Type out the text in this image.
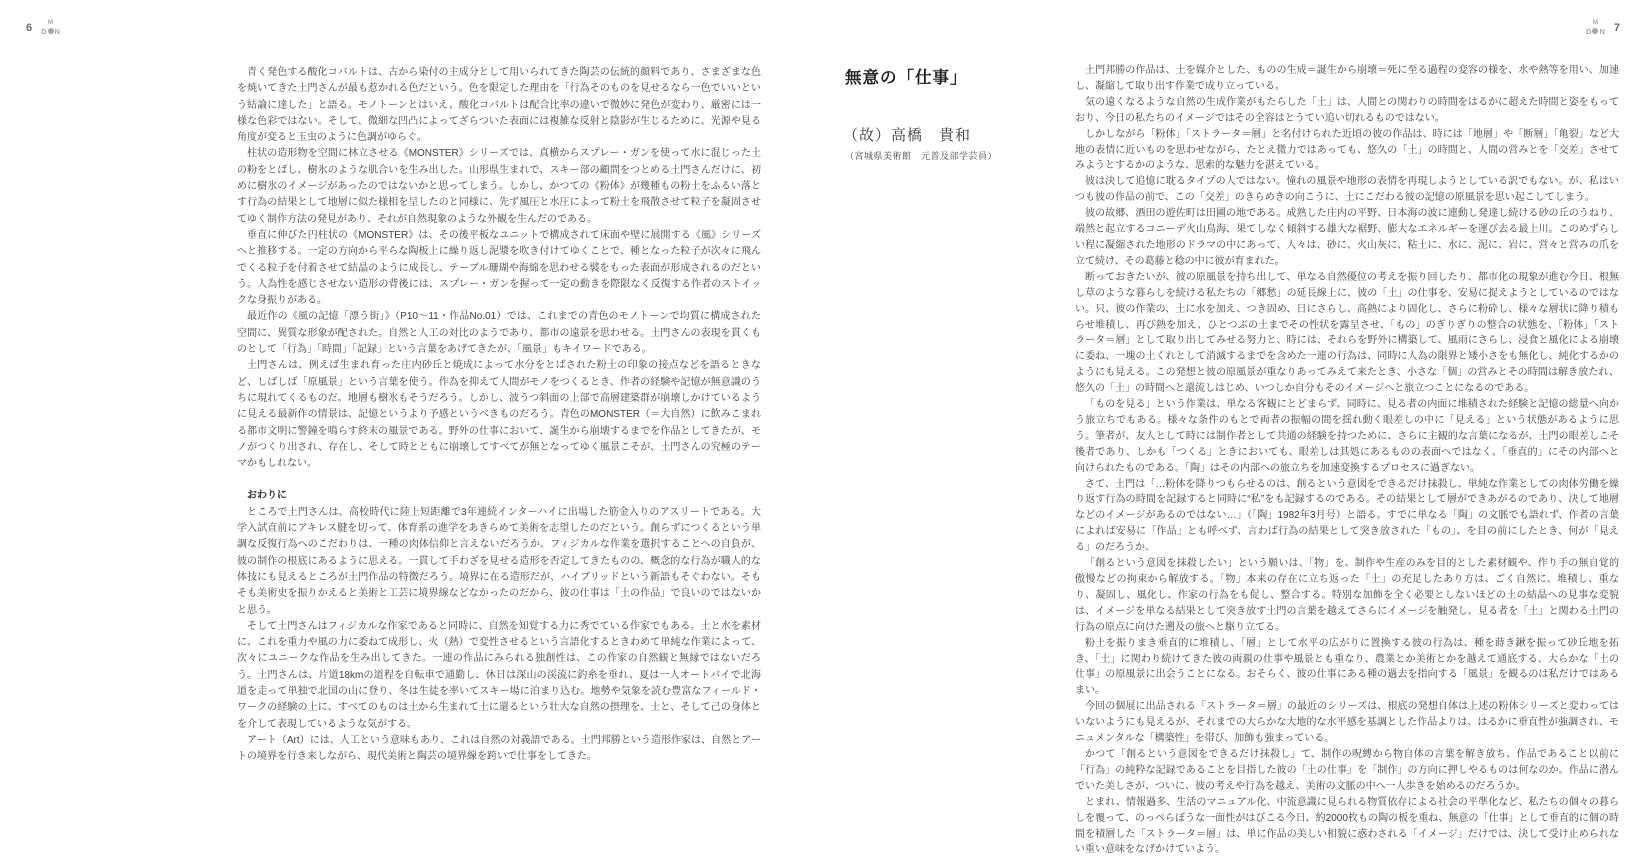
6 M
D N
M
D N 7

青く発色する酸化コバルトは、古から染付の主成分として用いられてきた陶芸の伝統的顔料であり、さまざまな色を焼いてきた土門さんが最も惹かれる色だという。色を限定した理由を「行為そのものを見せるなら一色でいいという結論に達した」と語る。モノトーンとはいえ、酸化コバルトは配合比率の違いで微妙に発色が変わり、厳密には一様な色彩ではない。そして、微細な凹凸によってざらついた表面には複雑な反射と陰影が生じるために、光源や見る角度が変ると玉虫のように色調がゆらぐ。

柱状の造形物を空間に林立させる《MONSTER》シリーズでは、真横からスプレー・ガンを使って水に混じった土の粉をとばし、樹氷のような肌合いを生み出した。山形県生まれで、スキー部の顧問をつとめる土門さんだけに、初めに樹氷のイメージがあったのではないかと思ってしまう。しかし、かつての《粉体》が幾種もの粉土をふるい落とす行為の結果として地層に似た様相を呈したのと同様に、先ず風圧と水圧によって粉土を飛散させて粒子を凝固させてゆく制作方法の発見があり、それが自然現象のような外観を生んだのである。

垂直に伸びた円柱状の《MONSTER》は、その後平板なユニットで構成されて床面や壁に展開する《風》シリーズへと推移する。一定の方向から平らな陶板上に繰り返し泥漿を吹き付けてゆくことで、種となった粒子が次々に飛んでくる粒子を付着させて結晶のように成長し、テーブル珊瑚や海綿を思わせる襞をもった表面が形成されるのだという。人為性を感じさせない造形の背後には、スプレー・ガンを握って一定の動きを際限なく反復する作者のストイックな身振りがある。

最近作の《風の記憶「漂う街」》（P10〜11・作品No.01）では、これまでの青色のモノトーンで均質に構成された空間に、異質な形象が配された。自然と人工の対比のようであり、都市の遠景を思わせる。土門さんの表現を貫くものとして「行為」「時間」「記録」という言葉をあげてきたが、「風景」もキイワードである。

土門さんは、例えば生まれ育った庄内砂丘と焼成によって水分をとばされた粉土の印象の接点などを語るときなど、しばしば「原風景」という言葉を使う。作為を抑えて人間がモノをつくるとき、作者の経験や記憶が無意識のうちに現れてくるものだ。地層も樹氷もそうだろう。しかし、波うつ斜面の上部で高層建築群が崩壊しかけているように見える最新作の情景は、記憶というより予感というべきものだろう。青色のMONSTER（＝大自然）に飲みこまれる都市文明に警鐘を鳴らす終末の風景である。野外の仕事において、誕生から崩壊するまでを作品としてきたが、モノがつくり出され、存在し、そして時とともに崩壊してすべてが無となってゆく風景こそが、土門さんの究極のテーマかもしれない。

おわりに

ところで土門さんは、高校時代に陸上短距離で3年連続インターハイに出場した筋金入りのアスリートである。大学入試直前にアキレス腱を切って、体育系の進学をあきらめて美術を志望したのだという。創らずにつくるという単調な反復行為へのこだわりは、一種の肉体信仰と言えないだろうか。フィジカルな作業を選択することへの自負が、彼の制作の根底にあるように思える。一貫して手わざを見せる造形を否定してきたものの、概念的な行為が職人的な体技にも見えるところが土門作品の特徴だろう。境界に在る造形だが、ハイブリッドという新語もそぐわない。そもそも美術史を振りかえると美術と工芸に境界線などなかったのだから、彼の仕事は「土の作品」で良いのではないかと思う。

そして土門さんはフィジカルな作家であると同時に、自然を知覚する力に秀でている作家でもある。土と水を素材に、これを重力や風の力に委ねて成形し、火（熱）で変性させるという言語化するときわめて単純な作業によって、次々にユニークな作品を生み出してきた。一連の作品にみられる独創性は、この作家の自然観と無縁ではないだろう。土門さんは、片道18kmの道程を自転車で通勤し、休日は深山の渓流に釣糸を垂れ、夏は一人オートバイで北海道を走って単独で北国の山に登り、冬は生徒を率いてスキー場に泊まり込む。地勢や気象を読む豊富なフィールド・ワークの経験の上に、すべてのものは土から生まれて土に還るという壮大な自然の摂理を、土と、そして己の身体とを介して表現しているような気がする。

アート（Art）には、人工という意味もあり、これは自然の対義語である。土門邦勝という造形作家は、自然とアートの境界を行き来しながら、現代美術と陶芸の境界線を跨いで仕事をしてきた。

無意の「仕事」
（故）高橋　貴和
（宮城県美術館　元普及部学芸員）

土門邦勝の作品は、土を媒介とした、ものの生成＝誕生から崩壊＝死に至る過程の変容の様を、水や熱等を用い、加速し、凝縮して取り出す作業で成り立っている。

気の遠くなるような自然の生成作業がもたらした「土」は、人間との関わりの時間をはるかに超えた時間と姿をもっており、今日の私たちのイメージではその全容はとうてい追い切れるものではない。

しかしながら「粉体」「ストラータ＝層」と名付けられた近頃の彼の作品は、時には「地層」や「断層」「亀裂」など大地の表情に近いものを思わせながら、たとえ微力ではあっても、悠久の「土」の時間と、人間の営みとを「交差」させてみようとするかのような、思索的な魅力を湛えている。

彼は決して追憶に耽るタイプの人ではない。憧れの風景や地形の表情を再現しようとしている訳でもない。が、私はいつも彼の作品の前で、この「交差」のきらめきの向こうに、土にこだわる彼の記憶の原風景を思い起こしてしまう。

彼の故郷、酒田の遊佐町は田圃の地である。成熟した庄内の平野、日本海の波に連動し発達し続ける砂の丘のうねり、端然と起立するコニーデ火山鳥海、果てしなく傾斜する雄大な裾野、膨大なエネルギーを運び去る最上川。このめずらしい程に凝縮された地形のドラマの中にあって、人々は、砂に、火山灰に、粘土に、水に、泥に、岩に、営々と営みの爪を立て続け、その葛藤と稔の中に彼が育まれた。

断っておきたいが、彼の原風景を持ち出して、単なる自然優位の考えを振り回したり、都市化の現象が進む今日、根無し草のような暮らしを続ける私たちの「郷愁」の延長線上に、彼の「土」の仕事を、安易に捉えようとしているのではない。只、彼の作業の、土に水を加え、つき固め、日にさらし、高熱により固化し、さらに粉砕し、様々な層状に降り積もらせ堆積し、再び熱を加え、ひとつぶの土までその性状を露呈させ、「もの」のぎりぎりの整合の状態を、「粉体」「ストラータ＝層」として取り出してみせる努力と、時には、それらを野外に構築して、風雨にさらし、浸食と風化による崩壊に委ね、一塊の土くれとして消滅するまでを含めた一連の行為は、同時に人為の限界と矮小さをも無化し、純化するかのようにも見える。この発想と彼の原風景が重なりあってみえて来たとき、小さな「個」の営みとその時間は解き放たれ、悠久の「土」の時間へと還流しはじめ、いつしか自分もそのイメージへと旅立つことになるのである。

「ものを見る」という作業は、単なる客観にとどまらず、同時に、見る者の内面に堆積された経験と記憶の総量へ向かう旅立ちでもある。様々な条件のもとで両者の振幅の間を揺れ動く眼差しの中に「見える」という状態があるように思う。筆者が、友人として時には制作者として共通の経験を持つために、さらに主観的な言葉になるが、土門の眼差しこそ後者であり、しかも「つくる」ときにおいても、眼差しは其処にあるものの表面へではなく、「垂直的」にその内部へと向けられたものである。「陶」はその内部への旅立ちを加速変換するプロセスに過ぎない。

さて、土門は「…粉体を降りつもらせるのは、創るという意図をできるだけ抹殺し、単純な作業としての肉体労働を繰り返す行為の時間を記録すると同時に“私”をも記録するのである。その結果として層ができあがるのであり、決して地層などのイメージがあるのではない…」（「陶」1982年3月号）と語る。すでに単なる「陶」の文脈でも語れず、作者の言葉によれば安易に「作品」とも呼べず、言わば行為の結果として突き放された「もの」、を目の前にしたとき、何が「見える」のだろうか。

「創るという意図を抹殺したい」という願いは、「物」を、制作や生産のみを目的とした素材観や、作り手の無自覚的傲慢などの拘束から解放する。「物」本来の存在に立ち返った「土」の充足したあり方は、ごく自然に、堆積し、重なり、凝固し、風化し、作家の行為をも促し、整合する。特別な加飾を全く必要としないほどの土の結晶への見事な変貌は、イメージを単なる結果として突き放す土門の言葉を越えてさらにイメージを触発し、見る者を「土」と関わる土門の行為の原点に向けた遡及の旅へと駆り立てる。

粉土を振りまき垂直的に堆積し、「層」として水平の広がりに置換する彼の行為は、種を蒔き鍬を振って砂丘地を拓き、「土」に関わり続けてきた彼の両親の仕事や風景とも重なり、農業とか美術とかを越えて通底する、大らかな「土の仕事」の原風景に出会うことになる。おそらく、彼の仕事にある種の過去を指向する「風景」を観るのは私だけではあるまい。

今回の個展に出品される「ストラータ＝層」の最近のシリーズは、根底の発想自体は上述の粉体シリーズと変わってはいないようにも見えるが、それまでの大らかな大地的な水平感を基調とした作品よりは、はるかに垂直性が強調され、モニュメンタルな「構築性」を帯び、加飾も強まっている。

かつて「創るという意図をできるだけ抹殺し」て、制作の呪縛から物自体の言葉を解き放ち、作品であること以前に「行為」の純粋な記録であることを目指した彼の「土の仕事」を「制作」の方向に押しやるものは何なのか。作品に潜んでいた美しさが、ついに、彼の考えや行為を越え、美術の文脈の中へ一人歩きを始めるのだろうか。

とまれ、情報過多、生活のマニュアル化、中流意識に見られる物質依存による社会の平準化など、私たちの個々の暮らしを覆って、のっぺらぼうな一面性がはびこる今日、約2000枚もの陶の板を重ね、無意の「仕事」として垂直的に個の時間を積層した「ストラータ＝層」は、単に作品の美しい相貌に惑わされる「イメージ」だけでは、決して受け止められない重い意味をなげかけていよう。
